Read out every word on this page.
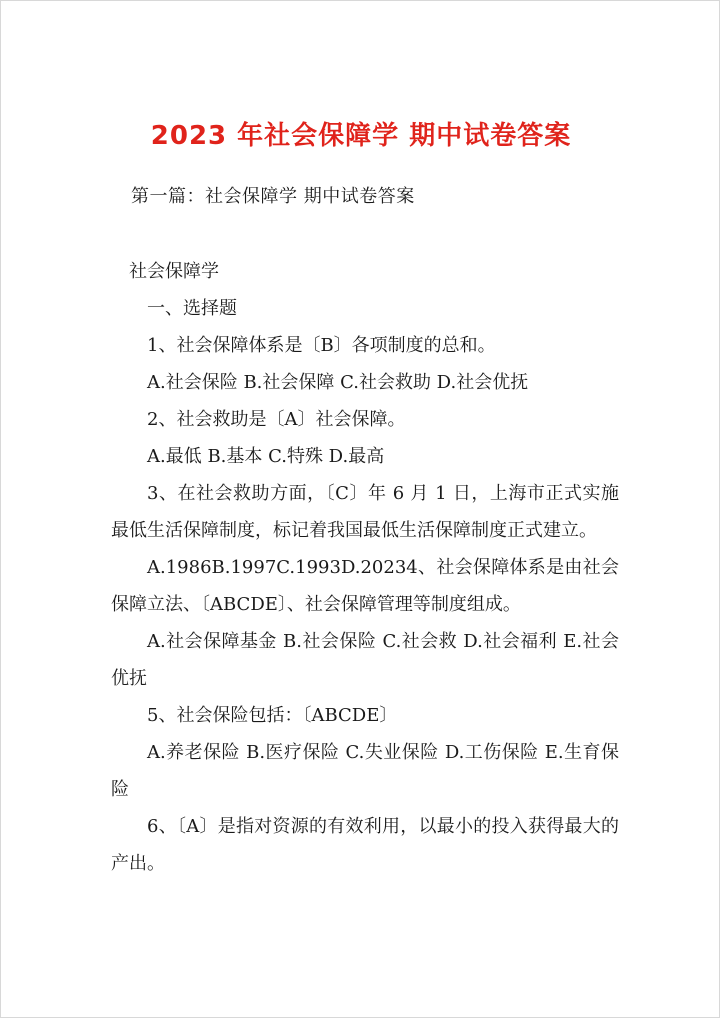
2023 年社会保障学 期中试卷答案
第一篇：社会保障学 期中试卷答案
社会保障学
一、选择题
1、社会保障体系是〔B〕各项制度的总和。
A.社会保险 B.社会保障 C.社会救助 D.社会优抚
2、社会救助是〔A〕社会保障。
A.最低 B.基本 C.特殊 D.最高
3、在社会救助方面，〔C〕年 6 月 1 日，上海市正式实施最低生活保障制度，标记着我国最低生活保障制度正式建立。
A.1986B.1997C.1993D.20234、社会保障体系是由社会保障立法、〔ABCDE〕、社会保障管理等制度组成。
A.社会保障基金 B.社会保险 C.社会救 D.社会福利 E.社会优抚
5、社会保险包括：〔ABCDE〕
A.养老保险 B.医疗保险 C.失业保险 D.工伤保险 E.生育保险
6、〔A〕是指对资源的有效利用，以最小的投入获得最大的产出。
